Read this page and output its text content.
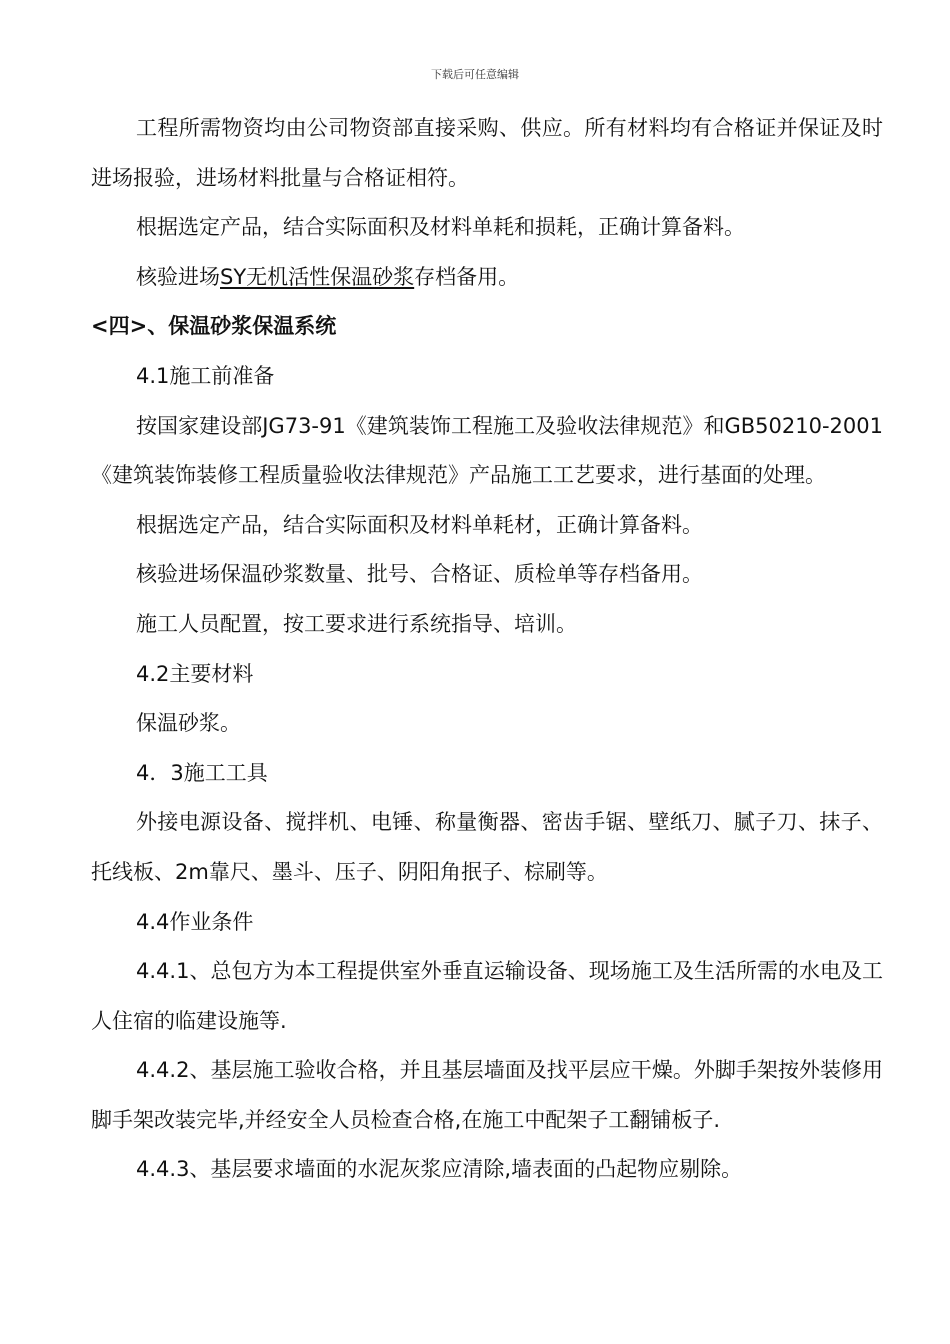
下载后可任意编辑

工程所需物资均由公司物资部直接采购、供应。所有材料均有合格证并保证及时进场报验，进场材料批量与合格证相符。

根据选定产品，结合实际面积及材料单耗和损耗，正确计算备料。

核验进场SY无机活性保温砂浆存档备用。

<四>、保温砂浆保温系统

4.1施工前准备

按国家建设部JG73-91《建筑装饰工程施工及验收法律规范》和GB50210-2001《建筑装饰装修工程质量验收法律规范》产品施工工艺要求，进行基面的处理。

根据选定产品，结合实际面积及材料单耗材，正确计算备料。

核验进场保温砂浆数量、批号、合格证、质检单等存档备用。

施工人员配置，按工要求进行系统指导、培训。

4.2主要材料

保温砂浆。

4．3施工工具

外接电源设备、搅拌机、电锤、称量衡器、密齿手锯、壁纸刀、腻子刀、抹子、托线板、2m靠尺、墨斗、压子、阴阳角抿子、棕刷等。

4.4作业条件

4.4.1、总包方为本工程提供室外垂直运输设备、现场施工及生活所需的水电及工人住宿的临建设施等.

4.4.2、基层施工验收合格，并且基层墙面及找平层应干燥。外脚手架按外装修用脚手架改装完毕,并经安全人员检查合格,在施工中配架子工翻铺板子.

4.4.3、基层要求墙面的水泥灰浆应清除,墙表面的凸起物应剔除。
